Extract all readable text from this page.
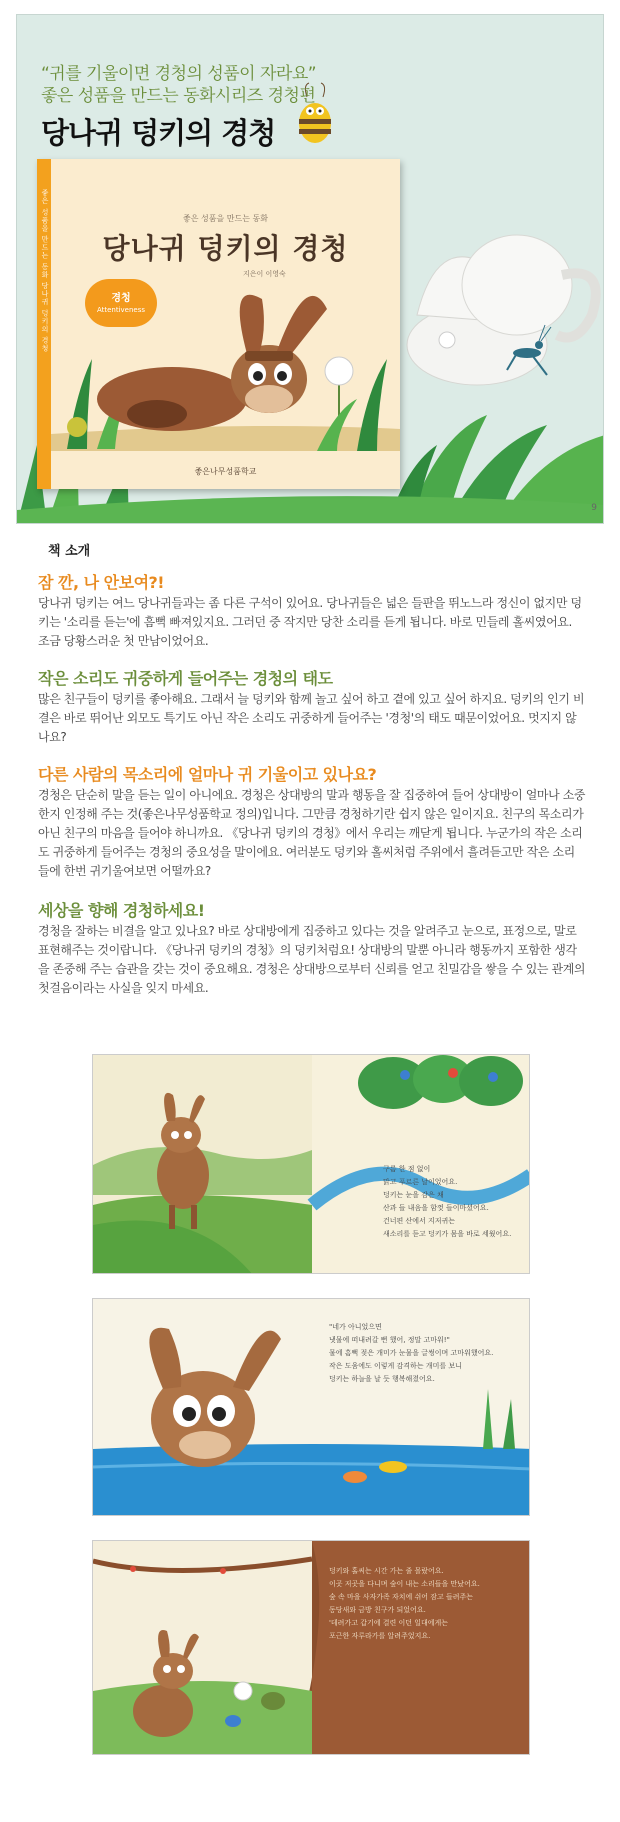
“귀를 기울이면 경청의 성품이 자라요”
좋은 성품을 만드는 동화시리즈 경청편
당나귀 덩키의 경청
좋은 성품을 만드는 동화 당나귀 덩키의 경청	좋은 성품을 만드는 동화
당나귀 덩키의 경청
지은이 이영숙
경청
Attentiveness
좋은나무성품학교
9
책 소개
잠 깐, 나 안보여?!
당나귀 덩키는 여느 당나귀들과는 좀 다른 구석이 있어요. 당나귀들은 넓은 들판을 뛰노느라 정신이 없지만 덩키는 '소리를 듣는'에 흠뻑 빠져있지요. 그러던 중 작지만 당찬 소리를 듣게 됩니다. 바로 민들레 홀씨였어요. 조금 당황스러운 첫 만남이었어요.
작은 소리도 귀중하게 들어주는 경청의 태도
많은 친구들이 덩키를 좋아해요. 그래서 늘 덩키와 함께 놀고 싶어 하고 곁에 있고 싶어 하지요. 덩키의 인기 비결은 바로 뛰어난 외모도 특기도 아닌 작은 소리도 귀중하게 들어주는 '경청'의 태도 때문이었어요. 멋지지 않나요?
다른 사람의 목소리에 얼마나 귀 기울이고 있나요?
경청은 단순히 말을 듣는 일이 아니에요. 경청은 상대방의 말과 행동을 잘 집중하여 들어 상대방이 얼마나 소중한지 인정해 주는 것(좋은나무성품학교 정의)입니다. 그만큼 경청하기란 쉽지 않은 일이지요. 친구의 목소리가 아닌 친구의 마음을 들어야 하니까요. 《당나귀 덩키의 경청》에서 우리는 깨닫게 됩니다. 누군가의 작은 소리도 귀중하게 들어주는 경청의 중요성을 말이에요. 여러분도 덩키와 홀씨처럼 주위에서 흘려듣고만 작은 소리들에 한번 귀기울여보면 어떨까요?
세상을 향해 경청하세요!
경청을 잘하는 비결을 알고 있나요? 바로 상대방에게 집중하고 있다는 것을 알려주고 눈으로, 표정으로, 말로 표현해주는 것이랍니다. 《당나귀 덩키의 경청》의 덩키처럼요! 상대방의 말뿐 아니라 행동까지 포함한 생각을 존중해 주는 습관을 갖는 것이 중요해요. 경청은 상대방으로부터 신뢰를 얻고 친밀감을 쌓을 수 있는 관계의 첫걸음이라는 사실을 잊지 마세요.
구름 한 점 없이
맑고 푸르른 날이었어요.
덩키는 눈을 감은 채
산과 들 내음을 함껏 들이마셨어요.
건너편 산에서 지저귀는
새소리를 듣고 덩키가 몸을 바로 세웠어요.
"네가 아니었으면
냇물에 떠내려갈 뻔 했어, 정말 고마워!"
물에 흠뻑 젖은 개미가 눈물을 글썽이며 고마워했어요.
작은 도움에도 이렇게 감격하는 개미를 보니
덩키는 하늘을 날 듯 행복해졌어요.
덩키와 홀씨는 시간 가는 줄 몰랐어요.
이곳 저곳을 다니며 숲이 내는 소리들을 만났어요.
숲 속 마을 사자가족 자치에 쉬어 잠고 들려주는
동당새와 금방 친구가 되었어요.
'데려가고 갑기에 결련 이던 일대에게는
포근한 자루라가를 알려주었지요.
